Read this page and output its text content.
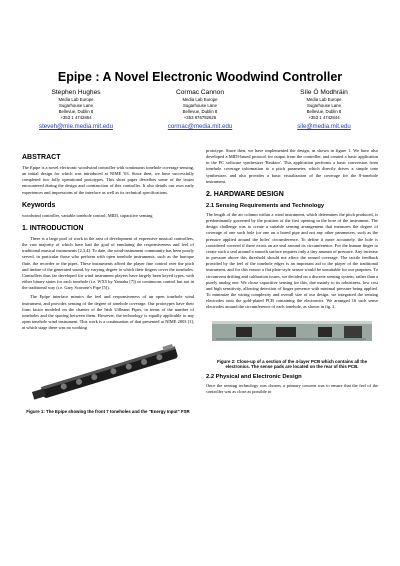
Epipe : A Novel Electronic Woodwind Controller
Stephen Hughes
Media Lab Europe
Sugarhouse Lane
Bellevue, Dublin 8
+353 1 4742864
steveh@mle.media.mit.edu
Cormac Cannon
Media Lab Europe
Sugarhouse Lane
Bellevue, Dublin 8
+353 876782625
cormac@media.mit.edu
Síle Ó Modhráin
Media Lab Europe
Sugarhouse Lane
Bellevue, Dublin 8
+353 1 4742844
sile@media.mit.edu
ABSTRACT

The Epipe is a novel electronic woodwind controller with continuous tonehole coverage sensing, an initial design for which was introduced at NIME '03. Since then, we have successfully completed two fully operational prototypes. This short paper describes some of the issues encountered during the design and construction of this controller. It also details our own early experiences and impressions of the interface as well as its technical specifications.

Keywords

woodwind controller, variable tonehole control, MIDI, capacitive sensing

1. INTRODUCTION

There is a large pool of work in the area of development of expressive musical controllers, the vast majority of which have had the goal of emulating the responsiveness and feel of traditional musical instruments [2,3,4]. To date, the wind-instrument community has been poorly served, in particular those who perform with open tonehole instruments, such as the baroque flute, the recorder or the pipes. These instruments afford the player fine control over the pitch and timbre of the generated sound, by varying degree to which their fingers cover the toneholes. Controllers thus far developed for wind instrument players have largely been keyed types, with either binary states for each tonehole (i.e. WX5 by Yamaha [7]) or continuous control but not in the traditional way (i.e. Gary Scavone's Pipe [5]).

The Epipe interface mimics the feel and responsiveness of an open tonehole wind instrument, and provides sensing of the degree of tonehole coverage. Our prototypes have their form factor modeled on the chanter of the Irish Uilleann Pipes, in terms of the number of toneholes and the spacing between them. However, the technology is equally applicable to any open tonehole wind instrument. This work is a continuation of that presented at NIME 2003 [1], at which stage there was no working

Figure 1: The Epipe showing the front 7 toneholes and the "Energy Input" FSR

prototype. Since then, we have implemented the design, as shown in figure 1. We have also developed a MIDI-based protocol for output from the controller, and created a basic application in the PC software synthesizer 'Reaktor'. This application performs a basic conversion from tonehole coverage information to a pitch parameter, which directly drives a simple tone synthesizer, and also provides a basic visualization of the coverage for the 8-tonehole instrument.

2. HARDWARE DESIGN
2.1 Sensing Requirements and Technology

The length of the air column within a wind instrument, which determines the pitch produced, is predominantly governed by the position of the first opening in the bore of the instrument. The design challenge was to create a suitable sensing arrangement that measures the degree of coverage of one such hole (or one on a bored pipe and not any other parameters, such as the pressure applied around the holes' circumference. To define it more accurately, the hole is considered covered if there exists an air seal around its circumference. For the human finger to create such a seal around a smooth surface requires only a tiny amount of pressure. Any increase in pressure above this threshold should not affect the sensed coverage. The tactile feedback provided by the feel of the tonehole edges is an important aid to the player of the traditional instrument, and for this reason a flat plate-style sensor would be unsuitable for our purposes. To circumvent drifting and calibration issues, we decided on a discrete sensing system, rather than a purely analog one. We chose capacitive sensing for this, due mainly to its robustness, low cost and high sensitivity, allowing detection of finger presence with minimal pressure being applied. To minimize the wiring complexity and overall size of our design, we integrated the sensing electrodes onto the gold-plated PCB containing the electronics. We arranged 16 such sense electrodes around the circumference of each tonehole, as shown in fig. 2.

Figure 2: Close-up of a section of the 4-layer PCB which contains all the electronics. The sense pads are located on the rear of this PCB.
2.2 Physical and Electronic Design

Once the sensing technology was chosen, a primary concern was to ensure that the feel of the controller was as close as possible to
